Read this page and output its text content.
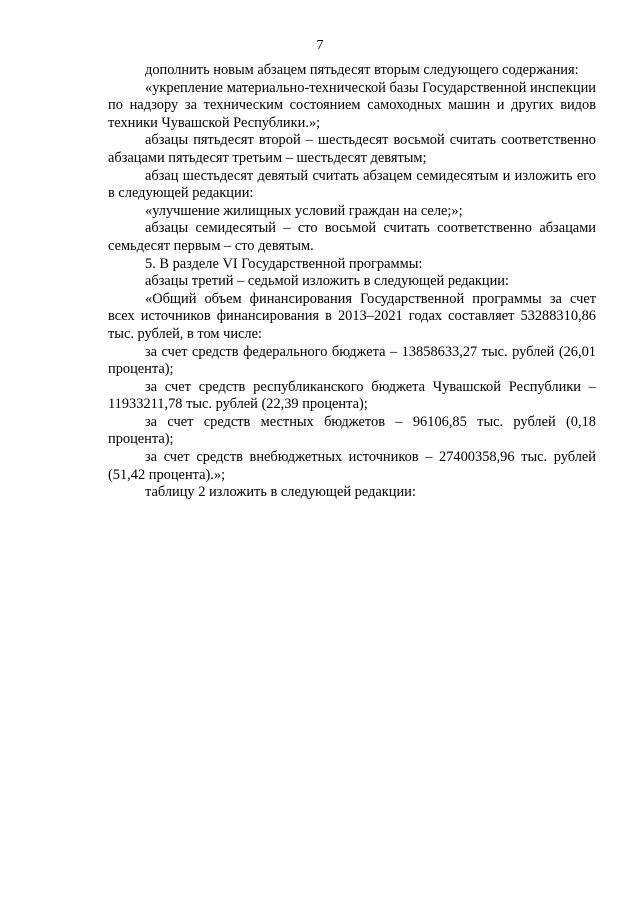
7

дополнить новым абзацем пятьдесят вторым следующего содержания:

«укрепление материально-технической базы Государственной инспекции по надзору за техническим состоянием самоходных машин и других видов техники Чувашской Республики.»;

абзацы пятьдесят второй – шестьдесят восьмой считать соответственно абзацами пятьдесят третьим – шестьдесят девятым;

абзац шестьдесят девятый считать абзацем семидесятым и изложить его в следующей редакции:

«улучшение жилищных условий граждан на селе;»;

абзацы семидесятый – сто восьмой считать соответственно абзацами семьдесят первым – сто девятым.

5. В разделе VI Государственной программы:

абзацы третий – седьмой изложить в следующей редакции:

«Общий объем финансирования Государственной программы за счет всех источников финансирования в 2013–2021 годах составляет 53288310,86 тыс. рублей, в том числе:

за счет средств федерального бюджета – 13858633,27 тыс. рублей (26,01 процента);

за счет средств республиканского бюджета Чувашской Республики – 11933211,78 тыс. рублей (22,39 процента);

за счет средств местных бюджетов – 96106,85 тыс. рублей (0,18 процента);

за счет средств внебюджетных источников – 27400358,96 тыс. рублей (51,42 процента).»;

таблицу 2 изложить в следующей редакции:
